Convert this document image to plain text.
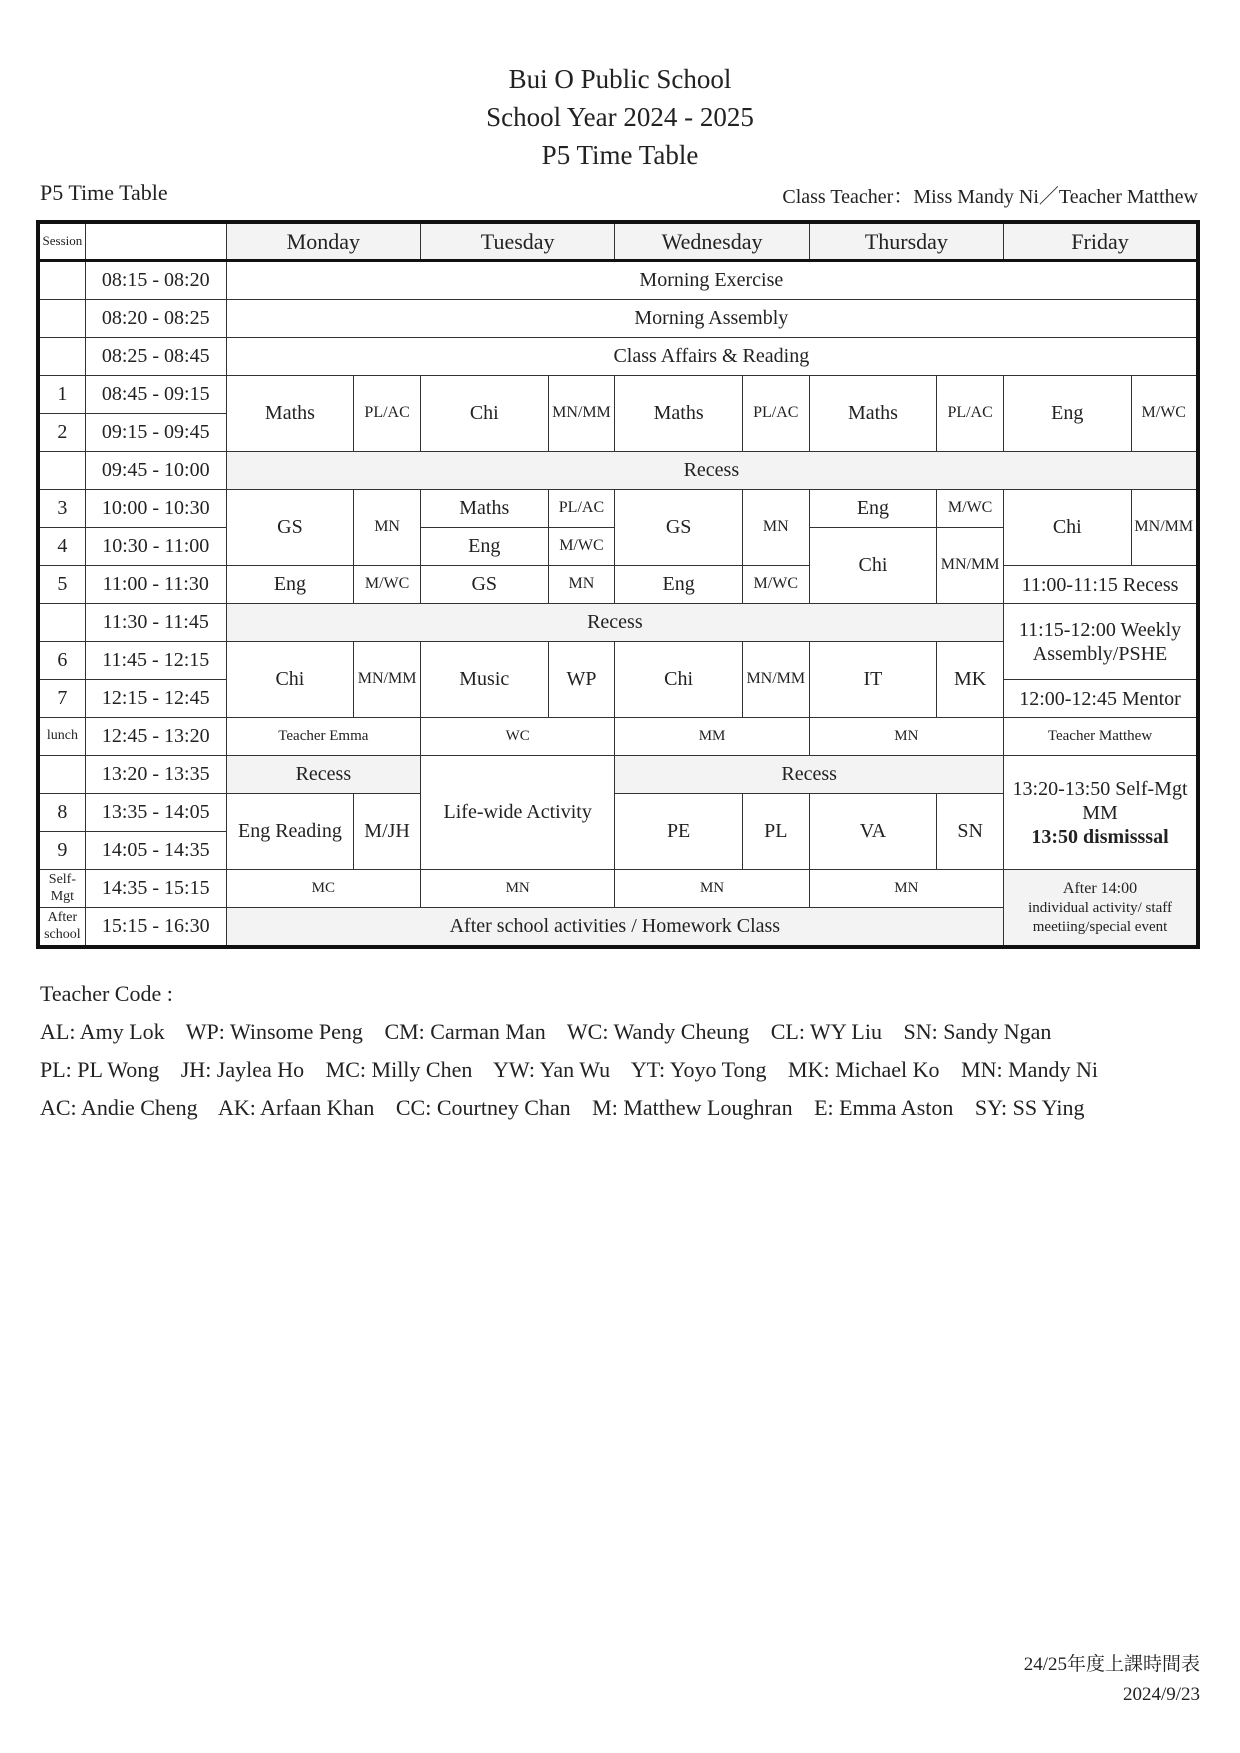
Bui O Public School
School Year 2024 - 2025
P5 Time Table
P5 Time Table	Class Teacher：Miss Mandy Ni／Teacher Matthew
Session		Monday		Tuesday		Wednesday		Thursday		Friday	
	08:15 - 08:20	Morning Exercise									
	08:20 - 08:25	Morning Assembly									
	08:25 - 08:45	Class Affairs & Reading									
1	08:45 - 09:15	Maths	PL/AC	Chi	MN/MM	Maths	PL/AC	Maths	PL/AC	Eng	M/WC
2	09:15 - 09:45										
	09:45 - 10:00	Recess									
3	10:00 - 10:30	GS	MN	Maths	PL/AC	GS	MN	Eng	M/WC	Chi	MN/MM
4	10:30 - 11:00			Eng	M/WC			Chi	MN/MM		
5	11:00 - 11:30	Eng	M/WC	GS	MN	Eng	M/WC			11:00-11:15 Recess	
	11:30 - 11:45	Recess								11:15-12:00 Weekly Assembly/PSHE	
6	11:45 - 12:15	Chi	MN/MM	Music	WP	Chi	MN/MM	IT	MK		
7	12:15 - 12:45									12:00-12:45 Mentor	
lunch	12:45 - 13:20	Teacher Emma		WC		MM		MN		Teacher Matthew	
	13:20 - 13:35	Recess		Life-wide Activity		Recess				13:20-13:50 Self-Mgt
MM
13:50 dismisssal	

8	13:35 - 14:05	Eng Reading	M/JH			PE	PL	VA	SN		
9	14:05 - 14:35										
Self-Mgt	14:35 - 15:15	MC		MN		MN		MN		After 14:00
individual activity/ staff meetiing/special event	

After school	15:15 - 16:30	After school activities / Homework Class									
Teacher Code :
AL: Amy Lok WP: Winsome Peng CM: Carman Man WC: Wandy Cheung CL: WY Liu SN: Sandy Ngan
PL: PL Wong JH: Jaylea Ho MC: Milly Chen YW: Yan Wu YT: Yoyo Tong MK: Michael Ko MN: Mandy Ni
AC: Andie Cheng AK: Arfaan Khan CC: Courtney Chan M: Matthew Loughran E: Emma Aston SY: SS Ying
24/25年度上課時間表
2024/9/23
